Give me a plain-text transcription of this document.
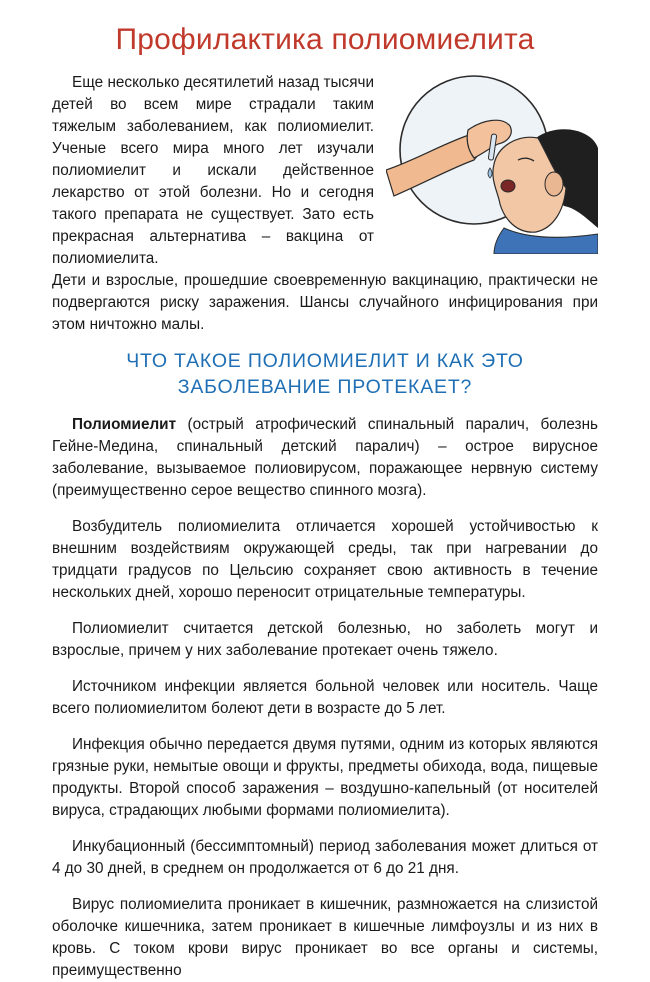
Профилактика полиомиелита

Еще несколько десятилетий назад тысячи детей во всем мире страдали таким тяжелым заболеванием, как полиомиелит. Ученые всего мира много лет изучали полиомиелит и искали действенное лекарство от этой болезни. Но и сегодня такого препарата не существует. Зато есть прекрасная альтернатива – вакцина от полиомиелита.

Дети и взрослые, прошедшие своевременную вакцинацию, практически не подвергаются риску заражения. Шансы случайного инфицирования при этом ничтожно малы.

ЧТО ТАКОЕ ПОЛИОМИЕЛИТ И КАК ЭТО ЗАБОЛЕВАНИЕ ПРОТЕКАЕТ?

Полиомиелит (острый атрофический спинальный паралич, болезнь Гейне-Медина, спинальный детский паралич) – острое вирусное заболевание, вызываемое полиовирусом, поражающее нервную систему (преимущественно серое вещество спинного мозга).

Возбудитель полиомиелита отличается хорошей устойчивостью к внешним воздействиям окружающей среды, так при нагревании до тридцати градусов по Цельсию сохраняет свою активность в течение нескольких дней, хорошо переносит отрицательные температуры.

Полиомиелит считается детской болезнью, но заболеть могут и взрослые, причем у них заболевание протекает очень тяжело.

Источником инфекции является больной человек или носитель. Чаще всего полиомиелитом болеют дети в возрасте до 5 лет.

Инфекция обычно передается двумя путями, одним из которых являются грязные руки, немытые овощи и фрукты, предметы обихода, вода, пищевые продукты. Второй способ заражения – воздушно-капельный (от носителей вируса, страдающих любыми формами полиомиелита).

Инкубационный (бессимптомный) период заболевания может длиться от 4 до 30 дней, в среднем он продолжается от 6 до 21 дня.

Вирус полиомиелита проникает в кишечник, размножается на слизистой оболочке кишечника, затем проникает в кишечные лимфоузлы и из них в кровь. С током крови вирус проникает во все органы и системы, преимущественно
